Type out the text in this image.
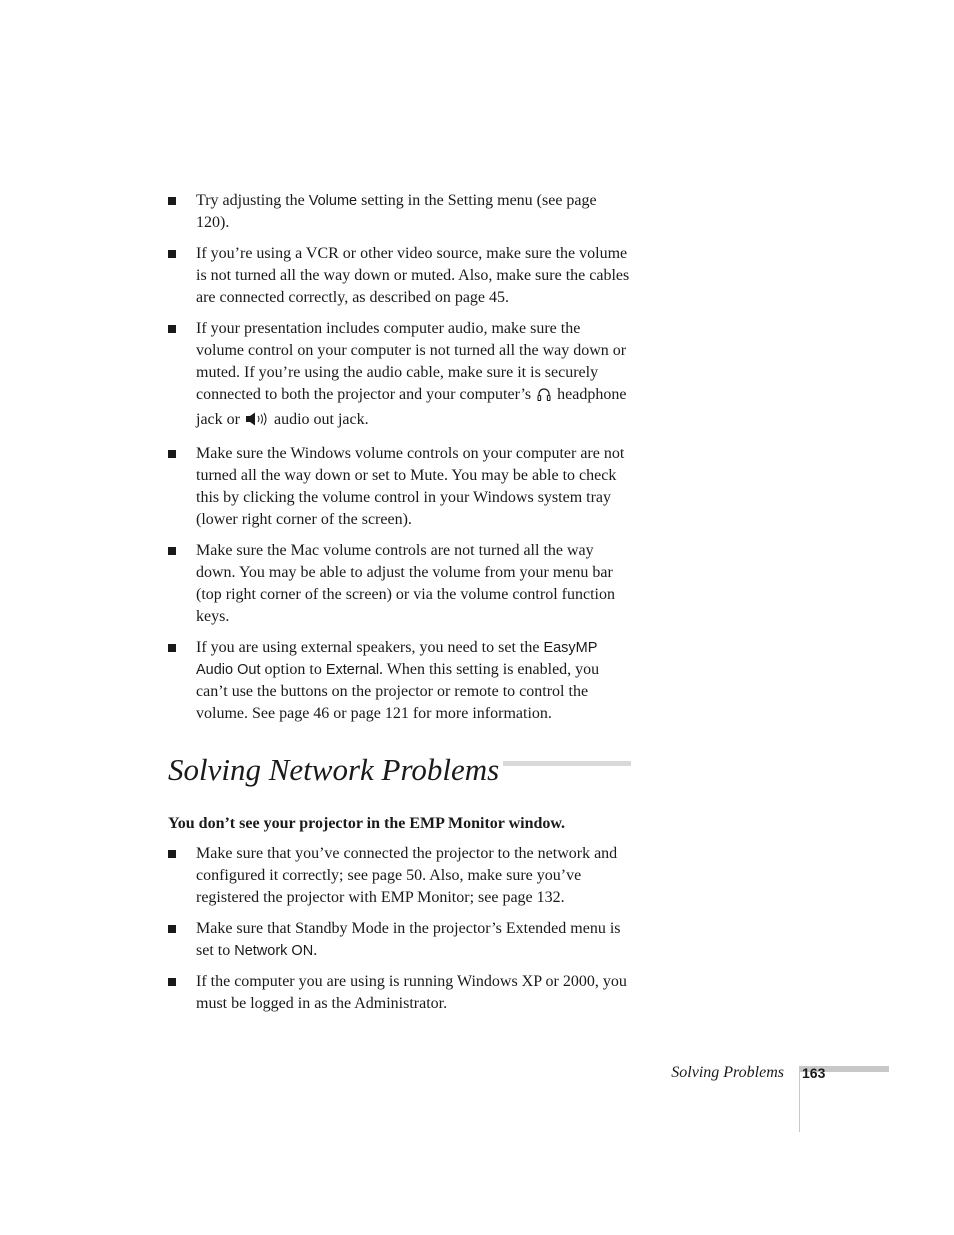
Try adjusting the Volume setting in the Setting menu (see page 120).
If you’re using a VCR or other video source, make sure the volume is not turned all the way down or muted. Also, make sure the cables are connected correctly, as described on page 45.
If your presentation includes computer audio, make sure the volume control on your computer is not turned all the way down or muted. If you’re using the audio cable, make sure it is securely connected to both the projector and your computer’s  headphone jack or  audio out jack.
Make sure the Windows volume controls on your computer are not turned all the way down or set to Mute. You may be able to check this by clicking the volume control in your Windows system tray (lower right corner of the screen).
Make sure the Mac volume controls are not turned all the way down. You may be able to adjust the volume from your menu bar (top right corner of the screen) or via the volume control function keys.
If you are using external speakers, you need to set the EasyMP Audio Out option to External. When this setting is enabled, you can’t use the buttons on the projector or remote to control the volume. See page 46 or page 121 for more information.
Solving Network Problems

You don’t see your projector in the EMP Monitor window.

Make sure that you’ve connected the projector to the network and configured it correctly; see page 50. Also, make sure you’ve registered the projector with EMP Monitor; see page 132.
Make sure that Standby Mode in the projector’s Extended menu is set to Network ON.
If the computer you are using is running Windows XP or 2000, you must be logged in as the Administrator.
Solving Problems 163
